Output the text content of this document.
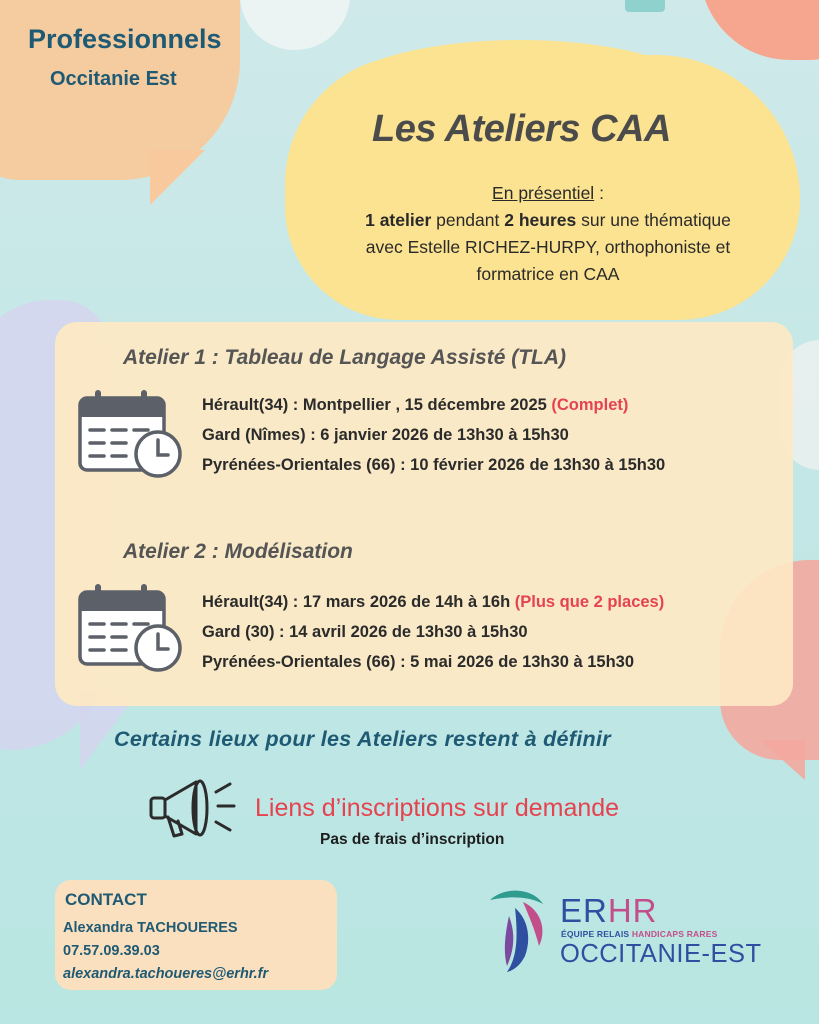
Professionnels
Occitanie Est
Les Ateliers CAA
En présentiel :
1 atelier pendant 2 heures sur une thématique
avec Estelle RICHEZ-HURPY, orthophoniste et
formatrice en CAA
Atelier 1 : Tableau de Langage Assisté (TLA)
Hérault(34) : Montpellier , 15 décembre 2025 (Complet)
Gard (Nîmes) : 6 janvier 2026 de 13h30 à 15h30
Pyrénées-Orientales (66) : 10 février 2026 de 13h30 à 15h30
Atelier 2 : Modélisation
Hérault(34) : 17 mars 2026 de 14h à 16h (Plus que 2 places)
Gard (30) : 14 avril 2026 de 13h30 à 15h30
Pyrénées-Orientales (66) : 5 mai 2026 de 13h30 à 15h30
Certains lieux pour les Ateliers restent à définir
Liens d’inscriptions sur demande
Pas de frais d’inscription
CONTACT
Alexandra TACHOUERES
07.57.09.39.03
alexandra.tachoueres@erhr.fr
ERHR
ÉQUIPE RELAIS HANDICAPS RARES
OCCITANIE-EST
